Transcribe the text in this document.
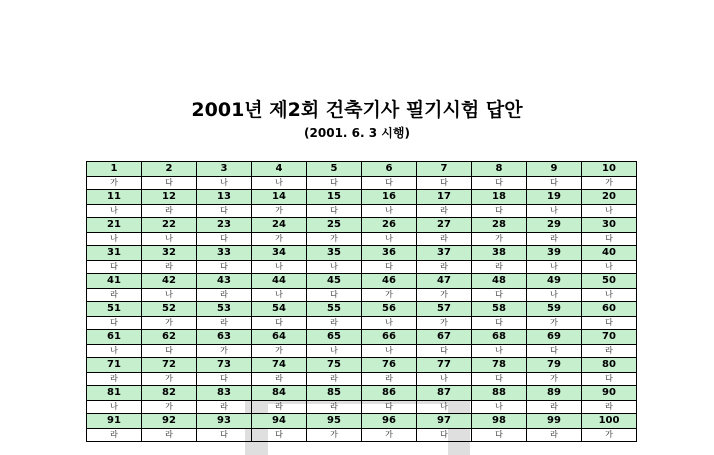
2001년 제2회 건축기사 필기시험 답안
(2001. 6. 3 시행)
1	2	3	4	5	6	7	8	9	10
가	다	나	나	다	다	다	다	다	가
11	12	13	14	15	16	17	18	19	20
나	라	다	가	다	나	라	다	나	나
21	22	23	24	25	26	27	28	29	30
나	나	다	가	가	나	라	가	라	다
31	32	33	34	35	36	37	38	39	40
다	라	다	나	나	다	라	라	나	나
41	42	43	44	45	46	47	48	49	50
라	나	라	나	다	가	가	다	나	나
51	52	53	54	55	56	57	58	59	60
다	가	라	다	라	나	가	다	가	다
61	62	63	64	65	66	67	68	69	70
나	다	가	가	나	나	다	나	다	라
71	72	73	74	75	76	77	78	79	80
라	가	다	라	라	라	나	다	가	다
81	82	83	84	85	86	87	88	89	90
나	가	라	라	라	다	나	나	라	라
91	92	93	94	95	96	97	98	99	100
라	라	다	다	가	가	다	다	라	가
